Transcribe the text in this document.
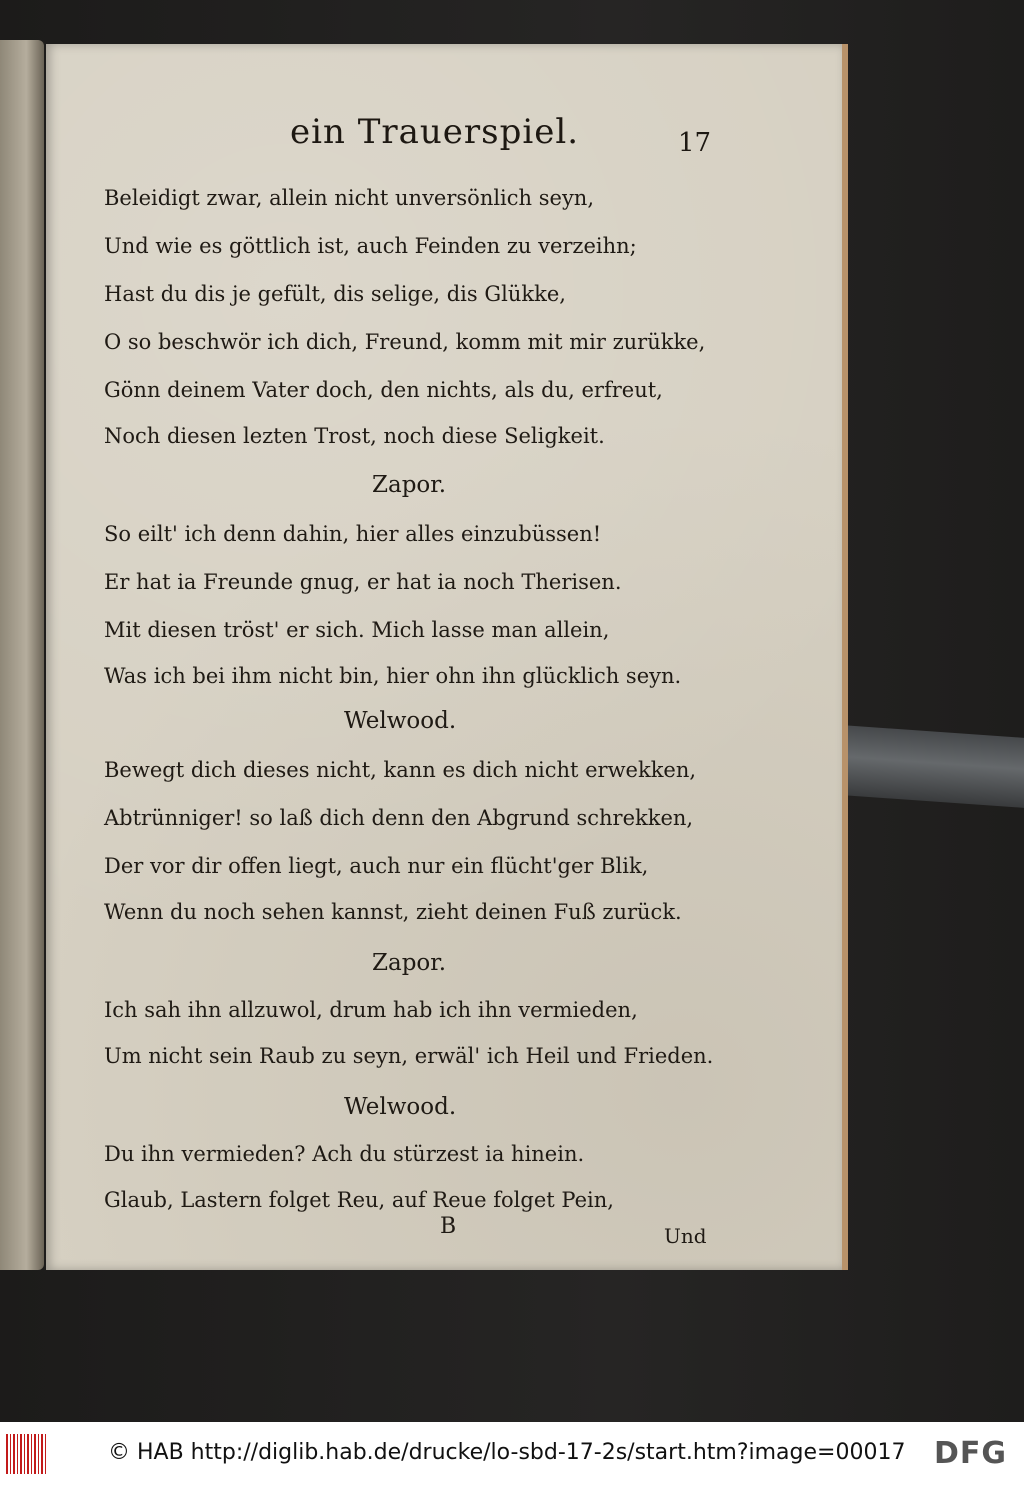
ein Trauerspiel.	17
Beleidigt zwar, allein nicht unversönlich seyn,
Und wie es göttlich ist, auch Feinden zu verzeihn;
Hast du dis je gefült, dis selige, dis Glükke,
O so beschwör ich dich, Freund, komm mit mir zurükke,
Gönn deinem Vater doch, den nichts, als du, erfreut,
Noch diesen lezten Trost, noch diese Seligkeit.
Zapor.
So eilt' ich denn dahin, hier alles einzubüssen!
Er hat ia Freunde gnug, er hat ia noch Therisen.
Mit diesen tröst' er sich. Mich lasse man allein,
Was ich bei ihm nicht bin, hier ohn ihn glücklich seyn.
Welwood.
Bewegt dich dieses nicht, kann es dich nicht erwekken,
Abtrünniger! so laß dich denn den Abgrund schrekken,
Der vor dir offen liegt, auch nur ein flücht'ger Blik,
Wenn du noch sehen kannst, zieht deinen Fuß zurück.
Zapor.
Ich sah ihn allzuwol, drum hab ich ihn vermieden,
Um nicht sein Raub zu seyn, erwäl' ich Heil und Frieden.
Welwood.
Du ihn vermieden? Ach du stürzest ia hinein.
Glaub, Lastern folget Reu, auf Reue folget Pein,
B	Und
© HAB http://diglib.hab.de/drucke/lo-sbd-17-2s/start.htm?image=00017 DFG
